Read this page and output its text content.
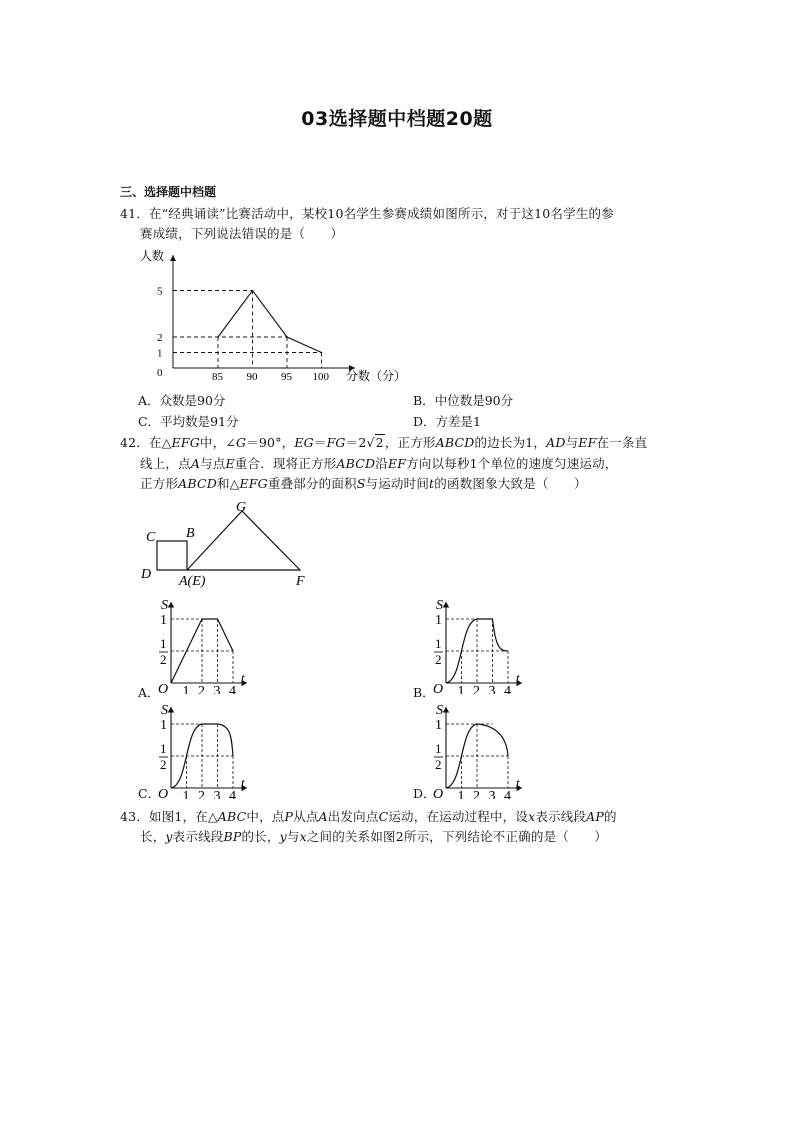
03选择题中档题20题
三、选择题中档题
41．在“经典诵读”比赛活动中，某校10名学生参赛成绩如图所示，对于这10名学生的参
赛成绩，下列说法错误的是（　　）
人数
分数（分）
85 90 95 100
0
1
2
5
A．众数是90分	B．中位数是90分
C．平均数是91分	D．方差是1
42．在△EFG中，∠G＝90°，EG＝FG＝2√2，正方形ABCD的边长为1，AD与EF在一条直
线上，点A与点E重合．现将正方形ABCD沿EF方向以每秒1个单位的速度匀速运动，
正方形ABCD和△EFG重叠部分的面积S与运动时间t的函数图象大致是（　　）
C B
G
D A(E)	F
A．	B．
C．	D．
S
t
O
1
1
2
1 2 3 4
S
t
O
1
1
2
1 2 3 4
S
t
O
1
1
2
1 2 3 4
S
t
O
1
1
2
1 2 3 4
43．如图1，在△ABC中，点P从点A出发向点C运动，在运动过程中，设x表示线段AP的
长，y表示线段BP的长，y与x之间的关系如图2所示，下列结论不正确的是（　　）
